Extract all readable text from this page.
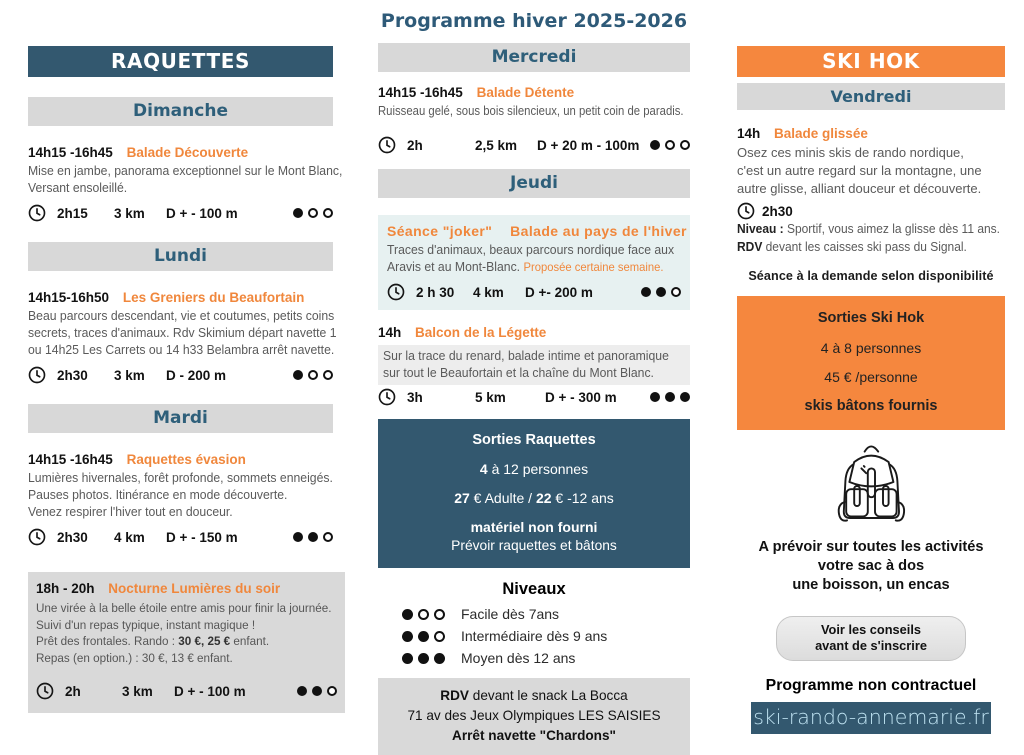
RAQUETTES
Dimanche
14h15 -16h45 Balade Découverte
Mise en jambe, panorama exceptionnel sur le Mont Blanc,
Versant ensoleillé.
2h15	3 km	D + - 100 m
Lundi
14h15-16h50 Les Greniers du Beaufortain
Beau parcours descendant, vie et coutumes, petits coins
secrets, traces d'animaux. Rdv Skimium départ navette 1
ou 14h25 Les Carrets ou 14 h33 Belambra arrêt navette.
2h30	3 km	D - 200 m
Mardi
14h15 -16h45 Raquettes évasion
Lumières hivernales, forêt profonde, sommets enneigés.
Pauses photos. Itinérance en mode découverte.
Venez respirer l'hiver tout en douceur.
2h30	4 km	D + - 150 m
18h - 20h Nocturne Lumières du soir
Une virée à la belle étoile entre amis pour finir la journée.
Suivi d'un repas typique, instant magique !
Prêt des frontales. Rando : 30 €, 25 € enfant.
Repas (en option.) : 30 €, 13 € enfant.
2h	3 km	D + - 100 m
Programme hiver 2025-2026
Mercredi
14h15 -16h45 Balade Détente
Ruisseau gelé, sous bois silencieux, un petit coin de paradis.
2h	2,5 km	D + 20 m - 100m
Jeudi
Séance "joker" Balade au pays de l'hiver
Traces d'animaux, beaux parcours nordique face aux
Aravis et au Mont-Blanc. Proposée certaine semaine.
2 h 30	4 km	D +- 200 m
14h Balcon de la Légette
Sur la trace du renard, balade intime et panoramique
sur tout le Beaufortain et la chaîne du Mont Blanc.
3h	5 km	D + - 300 m
Sorties Raquettes
4 à 12 personnes
27 € Adulte / 22 € -12 ans
matériel non fourni
Prévoir raquettes et bâtons
Niveaux
Facile dès 7ans
Intermédiaire dès 9 ans
Moyen dès 12 ans
RDV devant le snack La Bocca
71 av des Jeux Olympiques LES SAISIES
Arrêt navette "Chardons"
SKI HOK
Vendredi
14h Balade glissée
Osez ces minis skis de rando nordique,
c'est un autre regard sur la montagne, une
autre glisse, alliant douceur et découverte.
2h30
Niveau : Sportif, vous aimez la glisse dès 11 ans.
RDV devant les caisses ski pass du Signal.
Séance à la demande selon disponibilité
Sorties Ski Hok
4 à 8 personnes
45 € /personne
skis bâtons fournis
A prévoir sur toutes les activités
votre sac à dos
une boisson, un encas
Voir les conseils
avant de s'inscrire
Programme non contractuel
ski-rando-annemarie.fr
